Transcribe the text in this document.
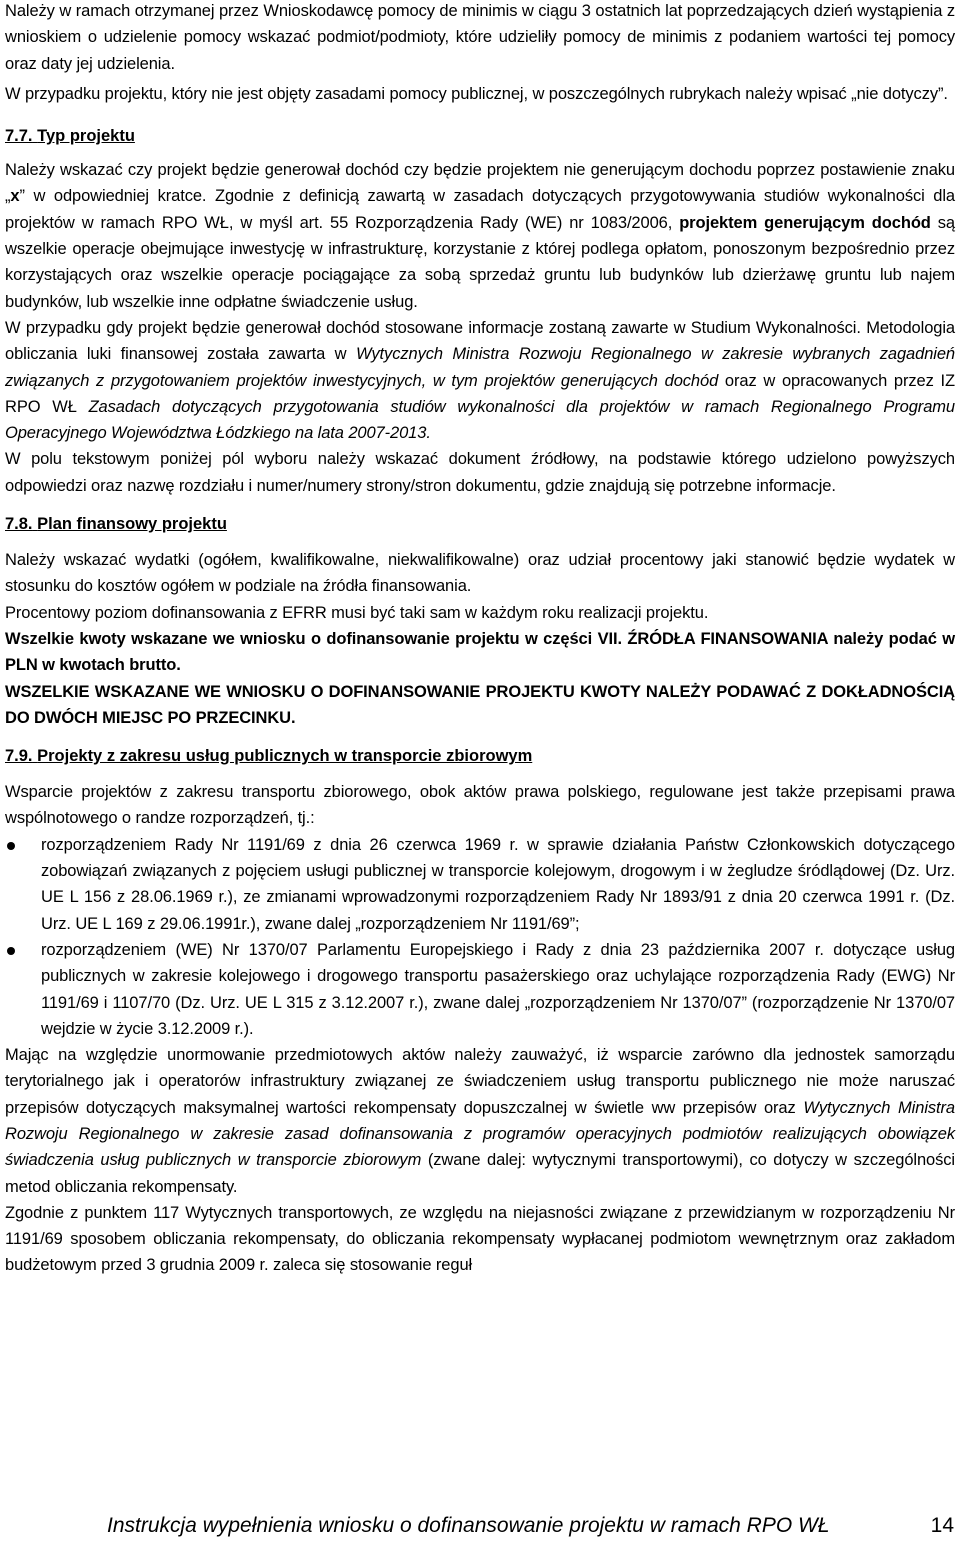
Należy w ramach otrzymanej przez Wnioskodawcę pomocy de minimis w ciągu 3 ostatnich lat poprzedzających dzień wystąpienia z wnioskiem o udzielenie pomocy wskazać podmiot/podmioty, które udzieliły pomocy de minimis z podaniem wartości tej pomocy oraz daty jej udzielenia.

W przypadku projektu, który nie jest objęty zasadami pomocy publicznej, w poszczególnych rubrykach należy wpisać „nie dotyczy”.

7.7. Typ projektu

Należy wskazać czy projekt będzie generował dochód czy będzie projektem nie generującym dochodu poprzez postawienie znaku „x” w odpowiedniej kratce. Zgodnie z definicją zawartą w zasadach dotyczących przygotowywania studiów wykonalności dla projektów w ramach RPO WŁ, w myśl art. 55 Rozporządzenia Rady (WE) nr 1083/2006, projektem generującym dochód są wszelkie operacje obejmujące inwestycję w infrastrukturę, korzystanie z której podlega opłatom, ponoszonym bezpośrednio przez korzystających oraz wszelkie operacje pociągające za sobą sprzedaż gruntu lub budynków lub dzierżawę gruntu lub najem budynków, lub wszelkie inne odpłatne świadczenie usług.

W przypadku gdy projekt będzie generował dochód stosowane informacje zostaną zawarte w Studium Wykonalności. Metodologia obliczania luki finansowej została zawarta w Wytycznych Ministra Rozwoju Regionalnego w zakresie wybranych zagadnień związanych z przygotowaniem projektów inwestycyjnych, w tym projektów generujących dochód oraz w opracowanych przez IZ RPO WŁ Zasadach dotyczących przygotowania studiów wykonalności dla projektów w ramach Regionalnego Programu Operacyjnego Województwa Łódzkiego na lata 2007-2013.

W polu tekstowym poniżej pól wyboru należy wskazać dokument źródłowy, na podstawie którego udzielono powyższych odpowiedzi oraz nazwę rozdziału i numer/numery strony/stron dokumentu, gdzie znajdują się potrzebne informacje.

7.8. Plan finansowy projektu

Należy wskazać wydatki (ogółem, kwalifikowalne, niekwalifikowalne) oraz udział procentowy jaki stanowić będzie wydatek w stosunku do kosztów ogółem w podziale na źródła finansowania.

Procentowy poziom dofinansowania z EFRR musi być taki sam w każdym roku realizacji projektu.

Wszelkie kwoty wskazane we wniosku o dofinansowanie projektu w części VII. ŹRÓDŁA FINANSOWANIA należy podać w PLN w kwotach brutto.

WSZELKIE WSKAZANE WE WNIOSKU O DOFINANSOWANIE PROJEKTU KWOTY NALEŻY PODAWAĆ Z DOKŁADNOŚCIĄ DO DWÓCH MIEJSC PO PRZECINKU.

7.9. Projekty z zakresu usług publicznych w transporcie zbiorowym

Wsparcie projektów z zakresu transportu zbiorowego, obok aktów prawa polskiego, regulowane jest także przepisami prawa wspólnotowego o randze rozporządzeń, tj.:

rozporządzeniem Rady Nr 1191/69 z dnia 26 czerwca 1969 r. w sprawie działania Państw Członkowskich dotyczącego zobowiązań związanych z pojęciem usługi publicznej w transporcie kolejowym, drogowym i w żegludze śródlądowej (Dz. Urz. UE L 156 z 28.06.1969 r.), ze zmianami wprowadzonymi rozporządzeniem Rady Nr 1893/91 z dnia 20 czerwca 1991 r. (Dz. Urz. UE L 169 z 29.06.1991r.), zwane dalej „rozporządzeniem Nr 1191/69”;

rozporządzeniem (WE) Nr 1370/07 Parlamentu Europejskiego i Rady z dnia 23 października 2007 r. dotyczące usług publicznych w zakresie kolejowego i drogowego transportu pasażerskiego oraz uchylające rozporządzenia Rady (EWG) Nr 1191/69 i 1107/70 (Dz. Urz. UE L 315 z 3.12.2007 r.), zwane dalej „rozporządzeniem Nr 1370/07” (rozporządzenie Nr 1370/07 wejdzie w życie 3.12.2009 r.).

Mając na względzie unormowanie przedmiotowych aktów należy zauważyć, iż wsparcie zarówno dla jednostek samorządu terytorialnego jak i operatorów infrastruktury związanej ze świadczeniem usług transportu publicznego nie może naruszać przepisów dotyczących maksymalnej wartości rekompensaty dopuszczalnej w świetle ww przepisów oraz Wytycznych Ministra Rozwoju Regionalnego w zakresie zasad dofinansowania z programów operacyjnych podmiotów realizujących obowiązek świadczenia usług publicznych w transporcie zbiorowym (zwane dalej: wytycznymi transportowymi), co dotyczy w szczególności metod obliczania rekompensaty.

Zgodnie z punktem 117 Wytycznych transportowych, ze względu na niejasności związane z przewidzianym w rozporządzeniu Nr 1191/69 sposobem obliczania rekompensaty, do obliczania rekompensaty wypłacanej podmiotom wewnętrznym oraz zakładom budżetowym przed 3 grudnia 2009 r. zaleca się stosowanie reguł

Instrukcja wypełnienia wniosku o dofinansowanie projektu w ramach RPO WŁ	14
